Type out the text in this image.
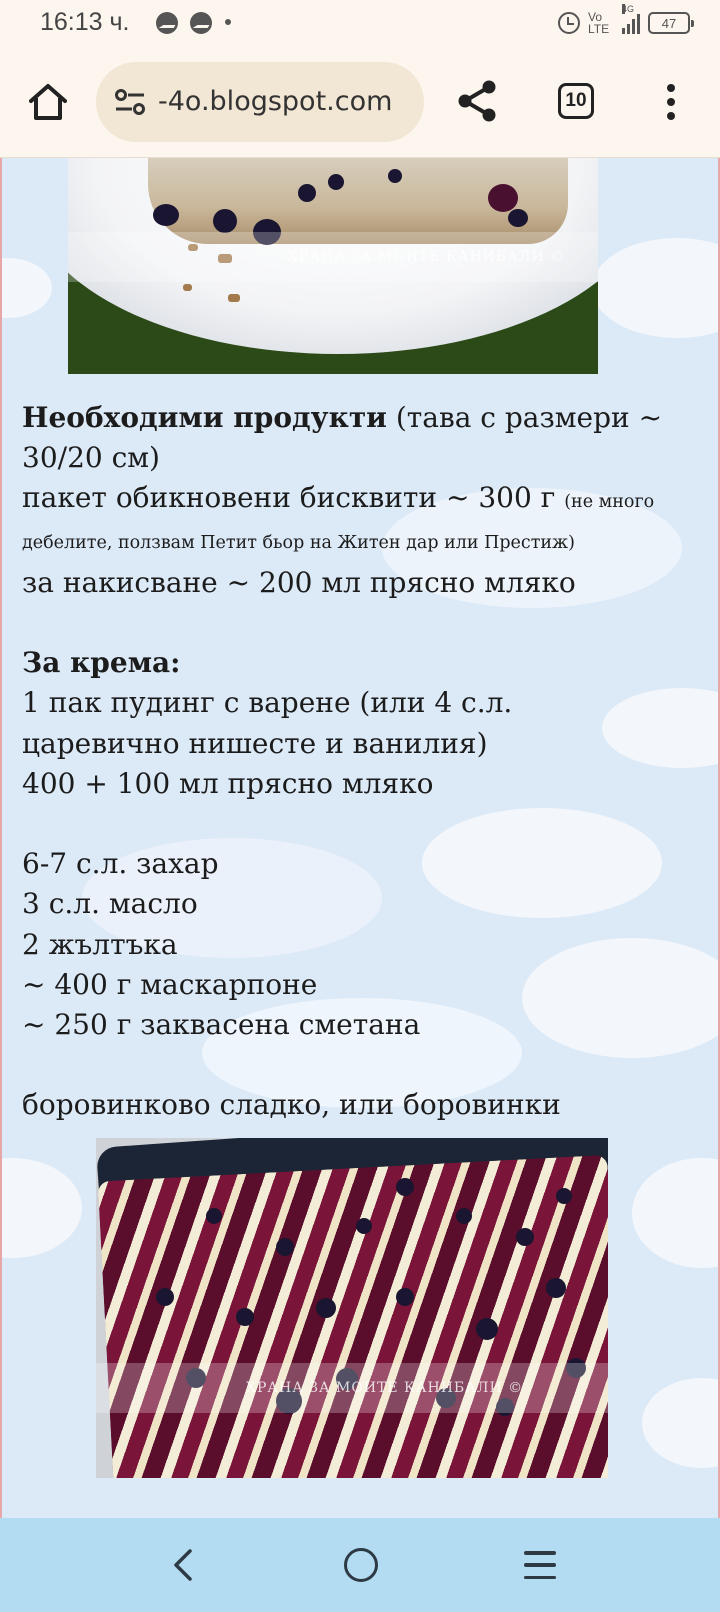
16:13 ч.	Vo
LTE
4G
47
-4o.blogspot.com	10
ХРАНА ЗА МОИТЕ КАНИБАЛИ ©
Необходими продукти (тава с размери ~
30/20 см)
пакет обикновени бисквити ~ 300 г (не много
дебелите, ползвам Петит бьор на Житен дар или Престиж)
за накисване ~ 200 мл прясно мляко
За крема:
1 пак пудинг с варене (или 4 с.л.
царевично нишесте и ванилия)
400 + 100 мл прясно мляко
6-7 с.л. захар
3 с.л. масло
2 жълтъка
~ 400 г маскарпоне
~ 250 г заквасена сметана
боровинково сладко, или боровинки
ХРАНА ЗА МОИТЕ КАНИБАЛИ ©
